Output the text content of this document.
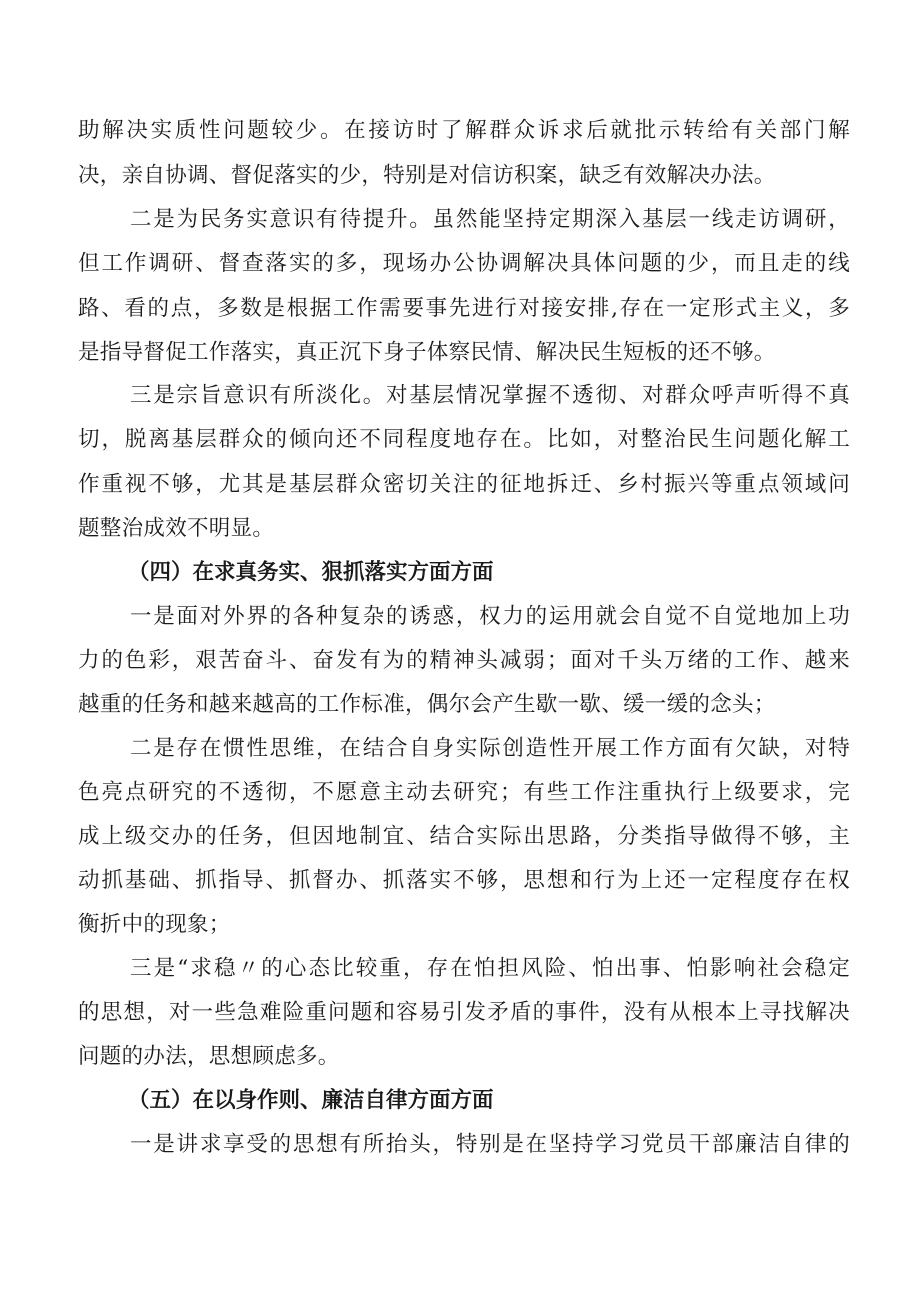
助解决实质性问题较少。在接访时了解群众诉求后就批示转给有关部门解
决，亲自协调、督促落实的少，特别是对信访积案，缺乏有效解决办法。
二是为民务实意识有待提升。虽然能坚持定期深入基层一线走访调研，
但工作调研、督查落实的多，现场办公协调解决具体问题的少，而且走的线
路、看的点，多数是根据工作需要事先进行对接安排,存在一定形式主义，多
是指导督促工作落实，真正沉下身子体察民情、解决民生短板的还不够。
三是宗旨意识有所淡化。对基层情况掌握不透彻、对群众呼声听得不真
切，脱离基层群众的倾向还不同程度地存在。比如，对整治民生问题化解工
作重视不够，尤其是基层群众密切关注的征地拆迁、乡村振兴等重点领域问
题整治成效不明显。
（四）在求真务实、狠抓落实方面方面
一是面对外界的各种复杂的诱惑，权力的运用就会自觉不自觉地加上功
力的色彩，艰苦奋斗、奋发有为的精神头减弱；面对千头万绪的工作、越来
越重的任务和越来越高的工作标准，偶尔会产生歇一歇、缓一缓的念头；
二是存在惯性思维，在结合自身实际创造性开展工作方面有欠缺，对特
色亮点研究的不透彻，不愿意主动去研究；有些工作注重执行上级要求，完
成上级交办的任务，但因地制宜、结合实际出思路，分类指导做得不够，主
动抓基础、抓指导、抓督办、抓落实不够，思想和行为上还一定程度存在权
衡折中的现象；
三是“求稳〃的心态比较重，存在怕担风险、怕出事、怕影响社会稳定
的思想，对一些急难险重问题和容易引发矛盾的事件，没有从根本上寻找解决
问题的办法，思想顾虑多。
（五）在以身作则、廉洁自律方面方面
一是讲求享受的思想有所抬头，特别是在坚持学习党员干部廉洁自律的
